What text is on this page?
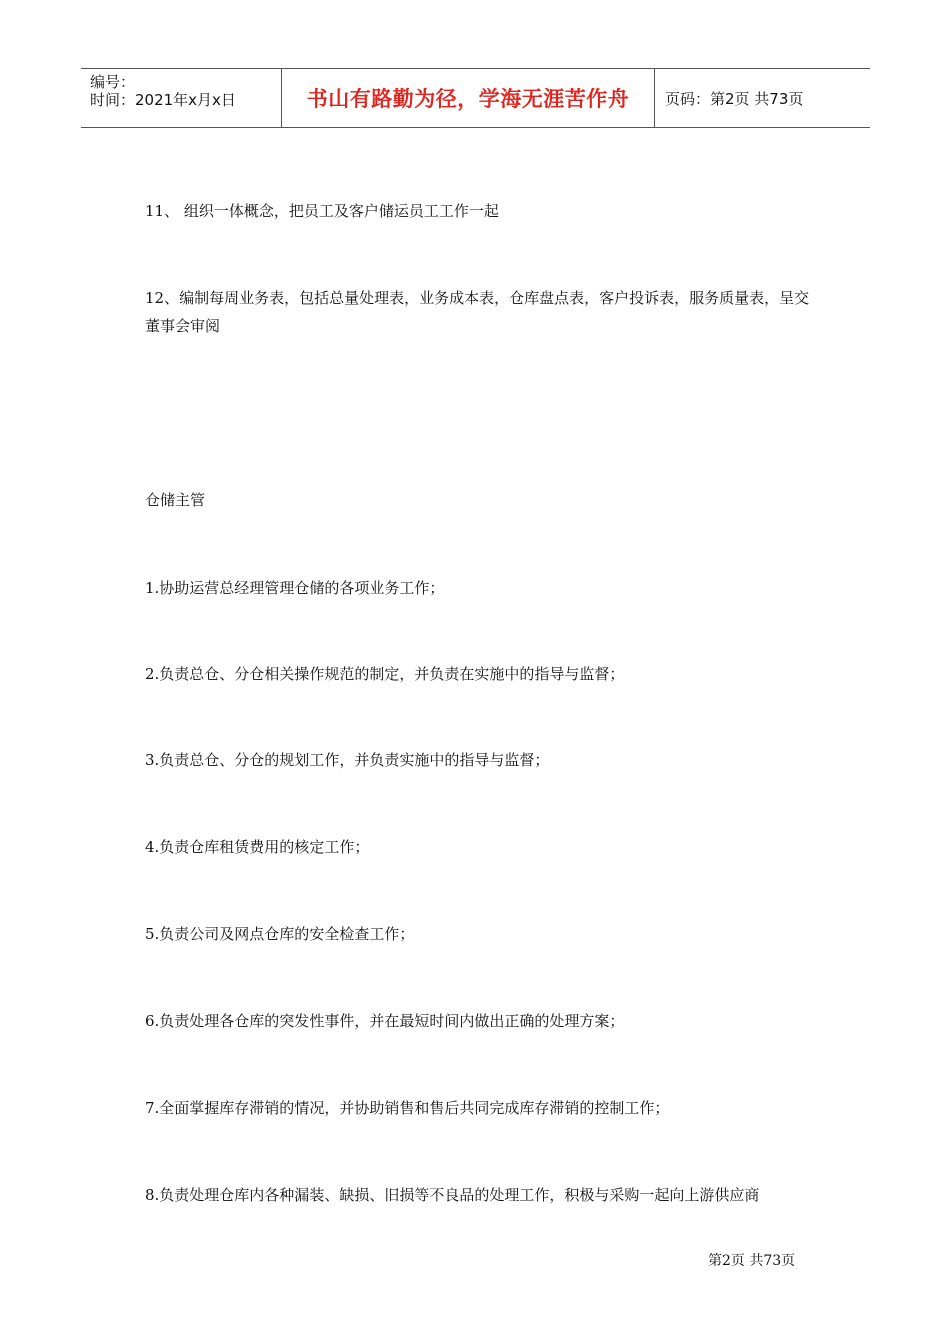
编号：
时间：2021年x月x日	书山有路勤为径，学海无涯苦作舟	页码：第2页 共73页
11、 组织一体概念，把员工及客户储运员工工作一起
12、编制每周业务表，包括总量处理表，业务成本表，仓库盘点表，客户投诉表，服务质量表，呈交董事会审阅
仓储主管
1.协助运营总经理管理仓储的各项业务工作；
2.负责总仓、分仓相关操作规范的制定，并负责在实施中的指导与监督；
3.负责总仓、分仓的规划工作，并负责实施中的指导与监督；
4.负责仓库租赁费用的核定工作；
5.负责公司及网点仓库的安全检查工作；
6.负责处理各仓库的突发性事件，并在最短时间内做出正确的处理方案；
7.全面掌握库存滞销的情况，并协助销售和售后共同完成库存滞销的控制工作；
8.负责处理仓库内各种漏装、缺损、旧损等不良品的处理工作，积极与采购一起向上游供应商
第2页 共73页
